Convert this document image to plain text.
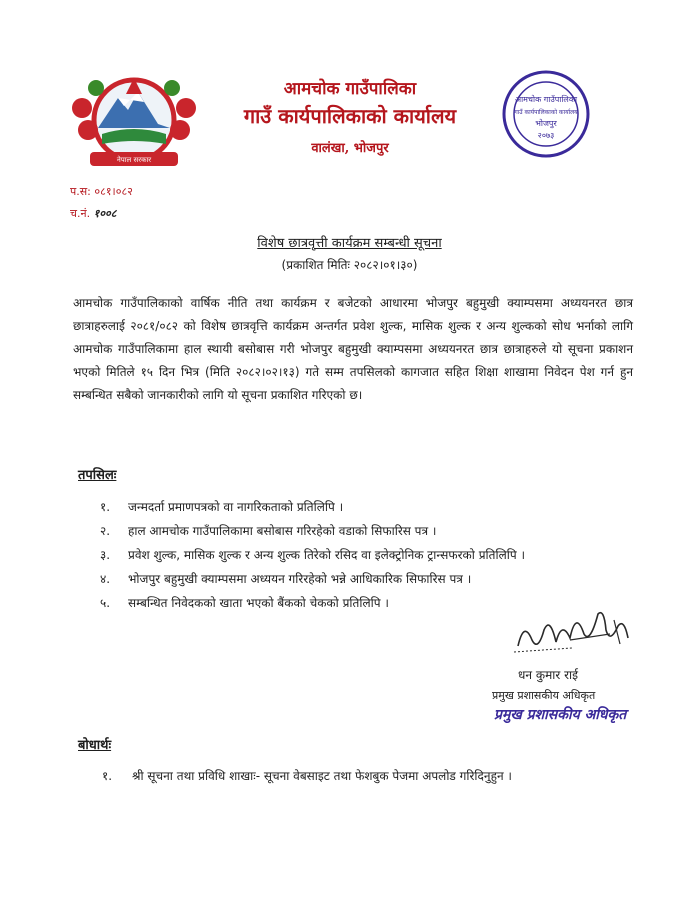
नेपाल सरकार
आमचोक गाउँपालिका
गाउँ कार्यपालिकाको कार्यालय
वालंखा, भोजपुर
आमचोक गाउँपालिका
गाउँ कार्यपालिकाको कार्यालय
भोजपुर
२०७३
प.स: ०८१।०८२
च.नं. १००८
विशेष छात्रवृत्ती कार्यक्रम सम्बन्धी सूचना
(प्रकाशित मितिः २०८२।०१।३०)
आमचोक गाउँपालिकाको वार्षिक नीति तथा कार्यक्रम र बजेटको आधारमा भोजपुर बहुमुखी क्याम्पसमा अध्ययनरत छात्र छात्राहरुलाई २०८१/०८२ को विशेष छात्रवृत्ति कार्यक्रम अन्तर्गत प्रवेश शुल्क, मासिक शुल्क र अन्य शुल्कको सोध भर्नाको लागि आमचोक गाउँपालिकामा हाल स्थायी बसोबास गरी भोजपुर बहुमुखी क्याम्पसमा अध्ययनरत छात्र छात्राहरुले यो सूचना प्रकाशन भएको मितिले १५ दिन भित्र (मिति २०८२।०२।१३) गते सम्म तपसिलको कागजात सहित शिक्षा शाखामा निवेदन पेश गर्न हुन सम्बन्धित सबैको जानकारीको लागि यो सूचना प्रकाशित गरिएको छ।
तपसिलः
१. जन्मदर्ता प्रमाणपत्रको वा नागरिकताको प्रतिलिपि ।
२. हाल आमचोक गाउँपालिकामा बसोबास गरिरहेको वडाको सिफारिस पत्र ।
३. प्रवेश शुल्क, मासिक शुल्क र अन्य शुल्क तिरेको रसिद वा इलेक्ट्रोनिक ट्रान्सफरको प्रतिलिपि ।
४. भोजपुर बहुमुखी क्याम्पसमा अध्ययन गरिरहेको भन्ने आधिकारिक सिफारिस पत्र ।
५. सम्बन्धित निवेदकको खाता भएको बैंकको चेकको प्रतिलिपि ।
धन कुमार राई
प्रमुख प्रशासकीय अधिकृत
प्रमुख प्रशासकीय अधिकृत
बोधार्थः
१. श्री सूचना तथा प्रविधि शाखाः- सूचना वेबसाइट तथा फेशबुक पेजमा अपलोड गरिदिनुहुन ।
